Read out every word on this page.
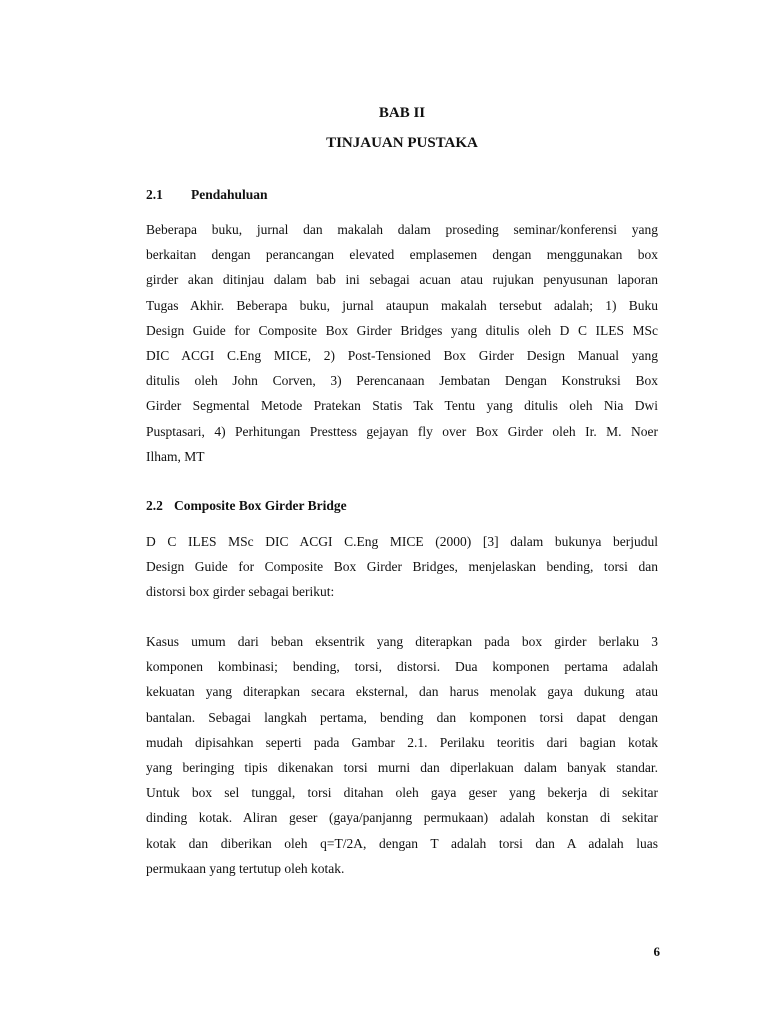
BAB II
TINJAUAN PUSTAKA
2.1 Pendahuluan
Beberapa buku, jurnal dan makalah dalam proseding seminar/konferensi yang
berkaitan dengan perancangan elevated emplasemen dengan menggunakan box
girder akan ditinjau dalam bab ini sebagai acuan atau rujukan penyusunan laporan
Tugas Akhir. Beberapa buku, jurnal ataupun makalah tersebut adalah; 1) Buku
Design Guide for Composite Box Girder Bridges yang ditulis oleh D C ILES MSc
DIC ACGI C.Eng MICE, 2) Post-Tensioned Box Girder Design Manual yang
ditulis oleh John Corven, 3) Perencanaan Jembatan Dengan Konstruksi Box
Girder Segmental Metode Pratekan Statis Tak Tentu yang ditulis oleh Nia Dwi
Pusptasari, 4) Perhitungan Presttess gejayan fly over Box Girder oleh Ir. M. Noer
Ilham, MT
2.2 Composite Box Girder Bridge
D C ILES MSc DIC ACGI C.Eng MICE (2000) [3] dalam bukunya berjudul
Design Guide for Composite Box Girder Bridges, menjelaskan bending, torsi dan
distorsi box girder sebagai berikut:
Kasus umum dari beban eksentrik yang diterapkan pada box girder berlaku 3
komponen kombinasi; bending, torsi, distorsi. Dua komponen pertama adalah
kekuatan yang diterapkan secara eksternal, dan harus menolak gaya dukung atau
bantalan. Sebagai langkah pertama, bending dan komponen torsi dapat dengan
mudah dipisahkan seperti pada Gambar 2.1. Perilaku teoritis dari bagian kotak
yang beringing tipis dikenakan torsi murni dan diperlakuan dalam banyak standar.
Untuk box sel tunggal, torsi ditahan oleh gaya geser yang bekerja di sekitar
dinding kotak. Aliran geser (gaya/panjanng permukaan) adalah konstan di sekitar
kotak dan diberikan oleh q=T/2A, dengan T adalah torsi dan A adalah luas
permukaan yang tertutup oleh kotak.
6
